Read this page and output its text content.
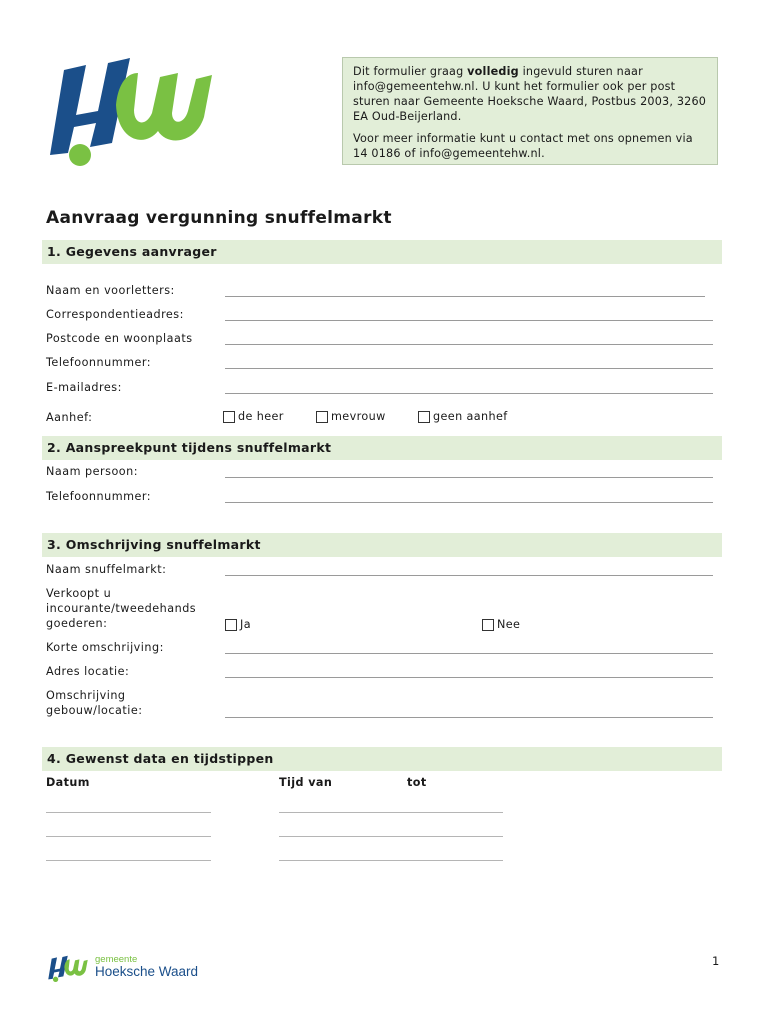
Dit formulier graag volledig ingevuld sturen naar info@gemeentehw.nl. U kunt het formulier ook per post sturen naar Gemeente Hoeksche Waard, Postbus 2003, 3260 EA Oud-Beijerland.

Voor meer informatie kunt u contact met ons opnemen via 14 0186 of info@gemeentehw.nl.

Aanvraag vergunning snuffelmarkt
1. Gegevens aanvrager
Naam en voorletters:
Correspondentieadres:
Postcode en woonplaats
Telefoonnummer:
E-mailadres:
Aanhef:	de heer	mevrouw	geen aanhef
2. Aanspreekpunt tijdens snuffelmarkt
Naam persoon:
Telefoonnummer:
3. Omschrijving snuffelmarkt
Naam snuffelmarkt:
Verkoopt u incourante/tweedehands goederen:	Ja	Nee
Korte omschrijving:
Adres locatie:
Omschrijving gebouw/locatie:
4. Gewenst data en tijdstippen
Datum	Tijd van	tot
gemeente
Hoeksche Waard
1
